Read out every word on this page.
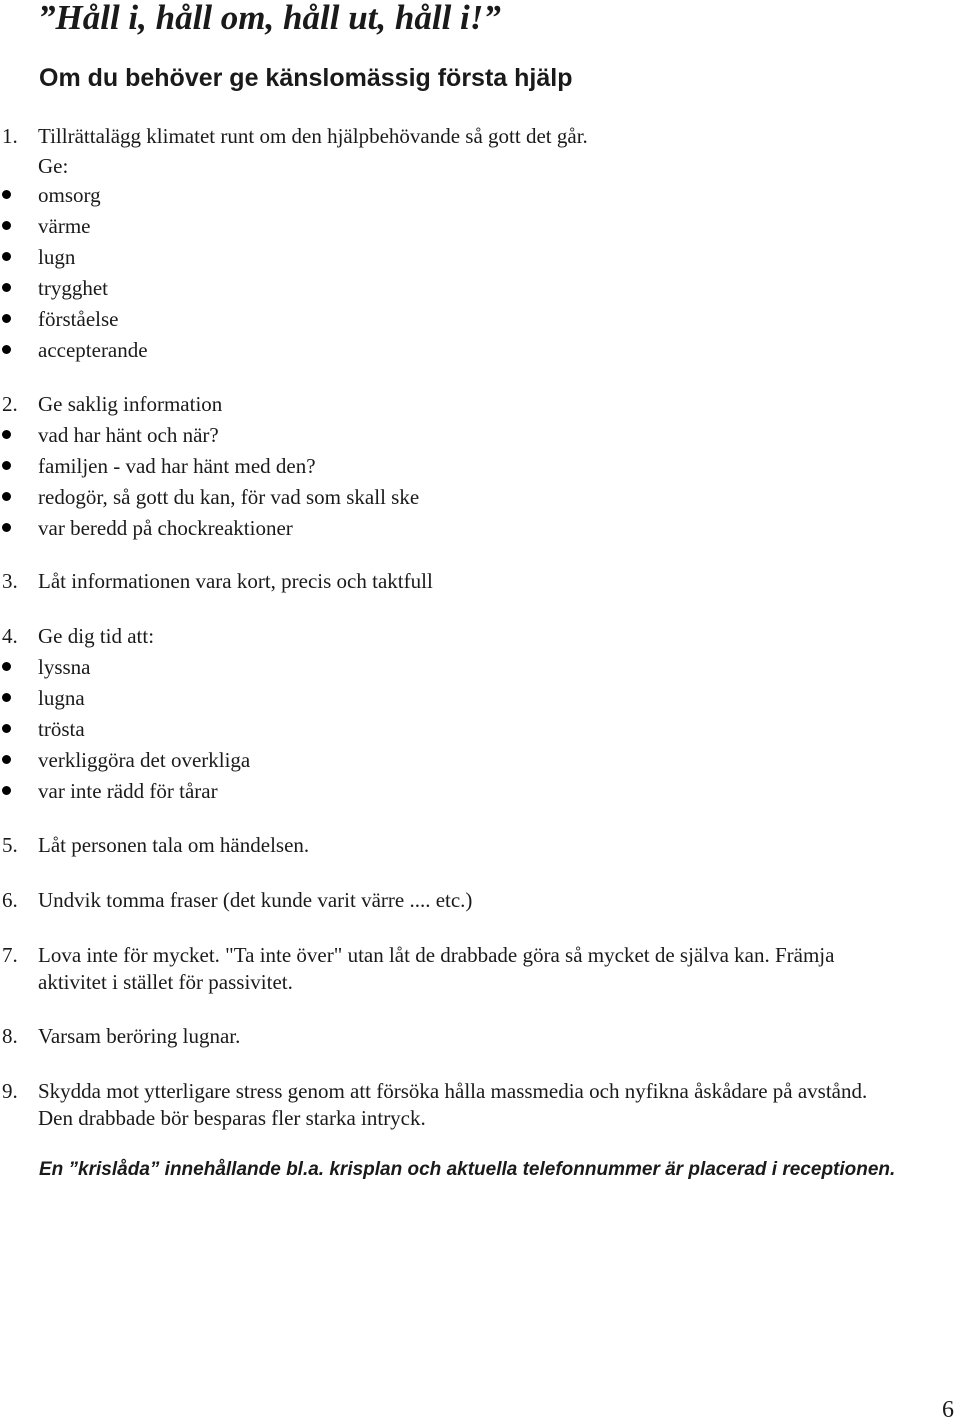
”Håll i, håll om, håll ut, håll i!”
Om du behöver ge känslomässig första hjälp
1. Tillrättalägg klimatet runt om den hjälpbehövande så gott det går.
Ge:
omsorg
värme
lugn
trygghet
förståelse
accepterande
2. Ge saklig information
vad har hänt och när?
familjen - vad har hänt med den?
redogör, så gott du kan, för vad som skall ske
var beredd på chockreaktioner
3. Låt informationen vara kort, precis och taktfull
4. Ge dig tid att:
lyssna
lugna
trösta
verkliggöra det overkliga
var inte rädd för tårar
5. Låt personen tala om händelsen.
6. Undvik tomma fraser (det kunde varit värre .... etc.)
7. Lova inte för mycket. "Ta inte över" utan låt de drabbade göra så mycket de själva kan. Främja
aktivitet i stället för passivitet.
8. Varsam beröring lugnar.
9. Skydda mot ytterligare stress genom att försöka hålla massmedia och nyfikna åskådare på avstånd.
Den drabbade bör besparas fler starka intryck.
En ”krislåda” innehållande bl.a. krisplan och aktuella telefonnummer är placerad i receptionen.
6
